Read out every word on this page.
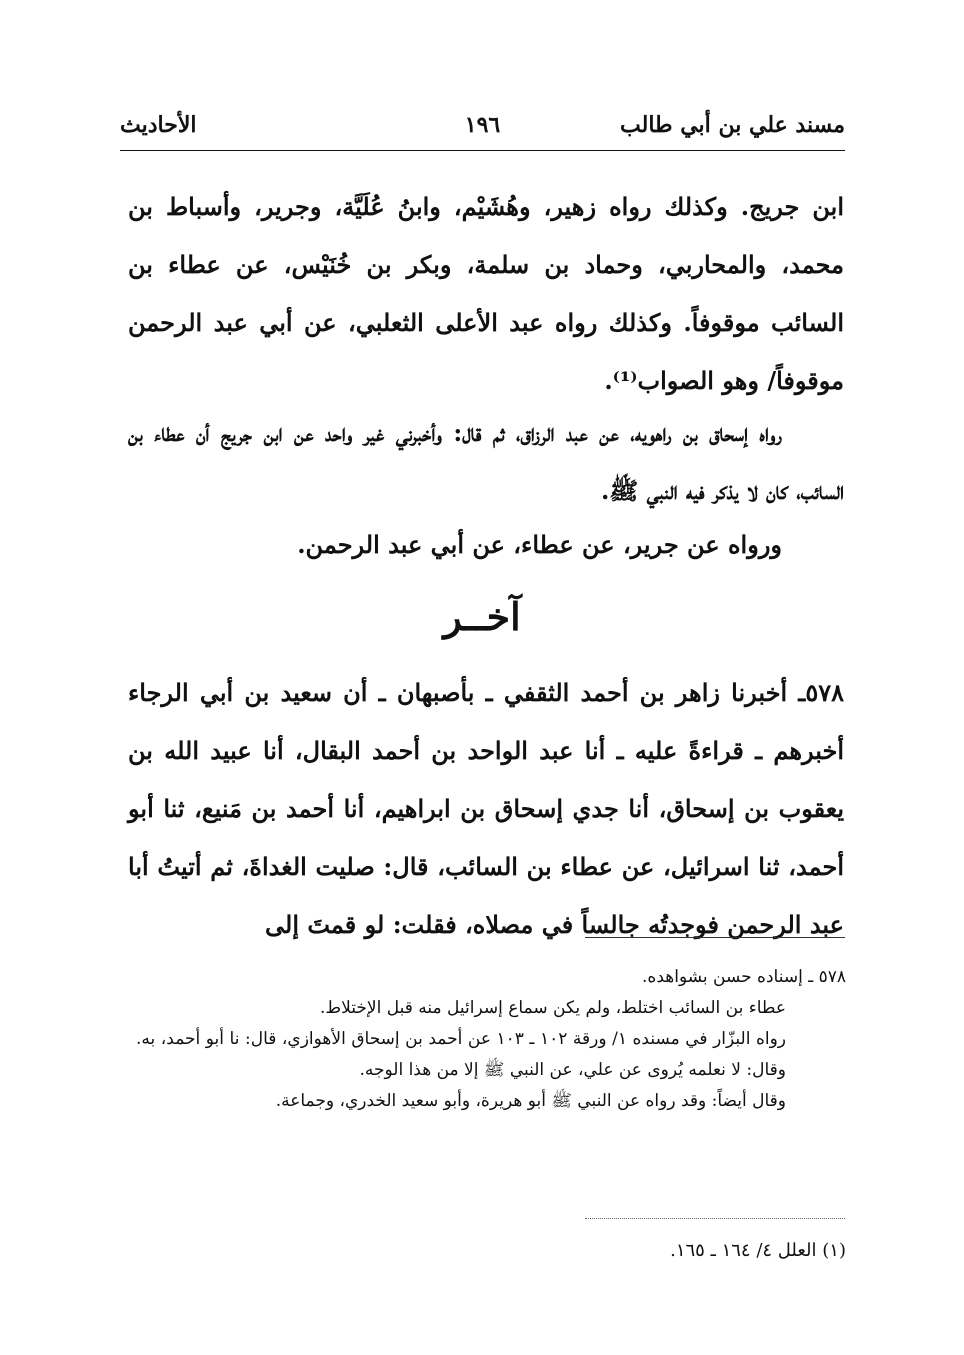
مسند علي بن أبي طالب
١٩٦
الأحاديث
ابن جريج. وكذلك رواه زهير، وهُشَيْم، وابنُ عُلَيَّة، وجرير، وأسباط بن محمد، والمحاربي، وحماد بن سلمة، وبكر بن خُنَيْس، عن عطاء بن السائب موقوفاً. وكذلك رواه عبد الأعلى الثعلبي، عن أبي عبد الرحمن موقوفاً/ وهو الصواب⁽¹⁾.
رواه إسحاق بن راهويه، عن عبد الرزاق، ثم قال: وأخبرني غير واحد عن ابن جريج أن عطاء بن السائب، كان لا يذكر فيه النبي ﷺ.
ورواه عن جرير، عن عطاء، عن أبي عبد الرحمن.
آخــر
٥٧٨ـ أخبرنا زاهر بن أحمد الثقفي ـ بأصبهان ـ أن سعيد بن أبي الرجاء أخبرهم ـ قراءةً عليه ـ أنا عبد الواحد بن أحمد البقال، أنا عبيد الله بن يعقوب بن إسحاق، أنا جدي إسحاق بن ابراهيم، أنا أحمد بن مَنيع، ثنا أبو أحمد، ثنا اسرائيل، عن عطاء بن السائب، قال: صليت الغداةَ، ثم أتيتُ أبا عبد الرحمن فوجدتُه جالساً في مصلاه، فقلت: لو قمتَ إلى
٥٧٨ ـ إسناده حسن بشواهده.
عطاء بن السائب اختلط، ولم يكن سماع إسرائيل منه قبل الإختلاط.
رواه البزّار في مسنده ١/ ورقة ١٠٢ ـ ١٠٣ عن أحمد بن إسحاق الأهوازي، قال: نا أبو أحمد، به. وقال: لا نعلمه يُروى عن علي، عن النبي ﷺ إلا من هذا الوجه.
وقال أيضاً: وقد رواه عن النبي ﷺ أبو هريرة، وأبو سعيد الخدري، وجماعة.
(١) العلل ٤/ ١٦٤ ـ ١٦٥.
